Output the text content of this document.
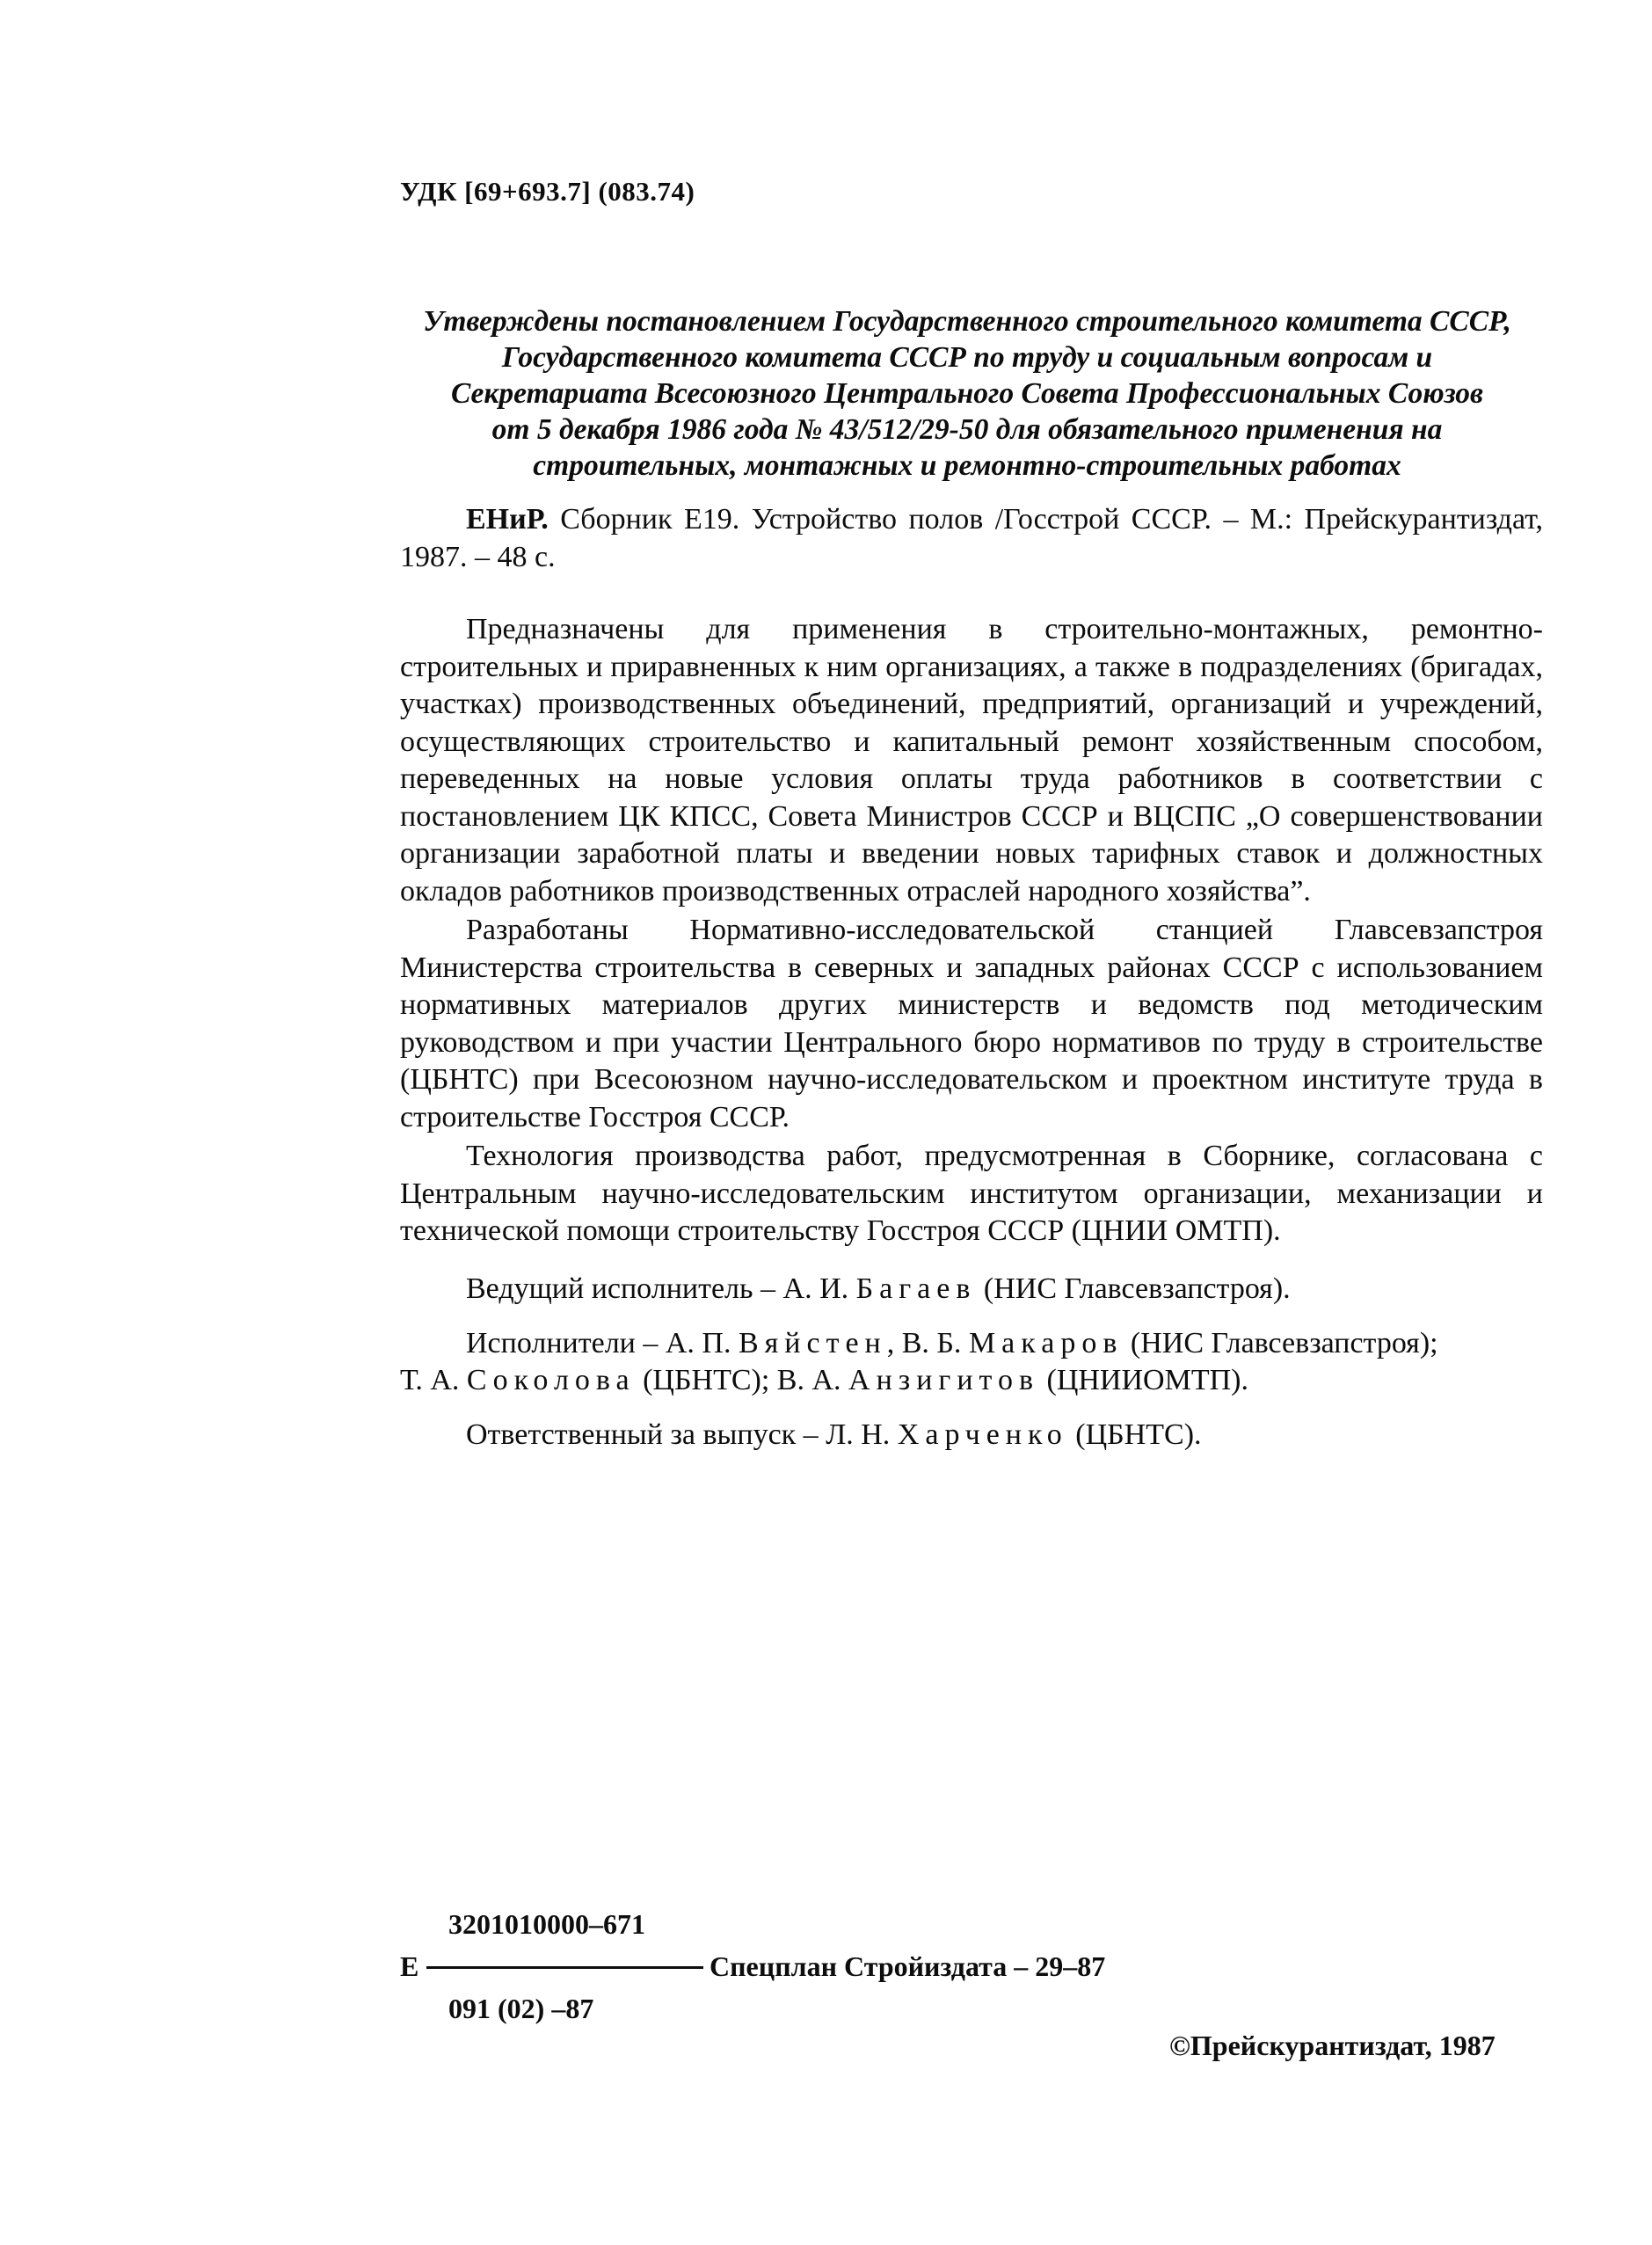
УДК [69+693.7] (083.74)
Утверждены постановлением Государственного строительного комитета СССР,
Государственного комитета СССР по труду и социальным вопросам и
Секретариата Всесоюзного Центрального Совета Профессиональных Союзов
от 5 декабря 1986 года № 43/512/29-50 для обязательного применения на
строительных, монтажных и ремонтно-строительных работах
ЕНиР. Сборник Е19. Устройство полов /Госстрой СССР. – М.: Прейскурантиздат, 1987. – 48 с.

Предназначены для применения в строительно-монтажных, ремонтно-строительных и приравненных к ним организациях, а также в подразделениях (бригадах, участках) производственных объединений, предприятий, организаций и учреждений, осуществляющих строительство и капитальный ремонт хозяйственным способом, переведенных на новые условия оплаты труда работников в соответствии с постановлением ЦК КПСС, Совета Министров СССР и ВЦСПС „О совершенствовании организации заработной платы и введении новых тарифных ставок и должностных окладов работников производственных отраслей народного хозяйства”.

Разработаны Нормативно-исследовательской станцией Главсевзапстроя Министерства строительства в северных и западных районах СССР с использованием нормативных материалов других министерств и ведомств под методическим руководством и при участии Центрального бюро нормативов по труду в строительстве (ЦБНТС) при Всесоюзном научно-исследовательском и проектном институте труда в строительстве Госстроя СССР.

Технология производства работ, предусмотренная в Сборнике, согласована с Центральным научно-исследовательским институтом организации, механизации и технической помощи строительству Госстроя СССР (ЦНИИ ОМТП).

Ведущий исполнитель – А. И. Багаев (НИС Главсевзапстроя).
Исполнители – А. П. Вяйстен, В. Б. Макаров (НИС Главсевзапстроя);
Т. А. Соколова (ЦБНТС); В. А. Анзигитов (ЦНИИОМТП).
Ответственный за выпуск – Л. Н. Харченко (ЦБНТС).
3201010000–671
Е	Спецплан Стройиздата – 29–87
091 (02) –87
©Прейскурантиздат, 1987
